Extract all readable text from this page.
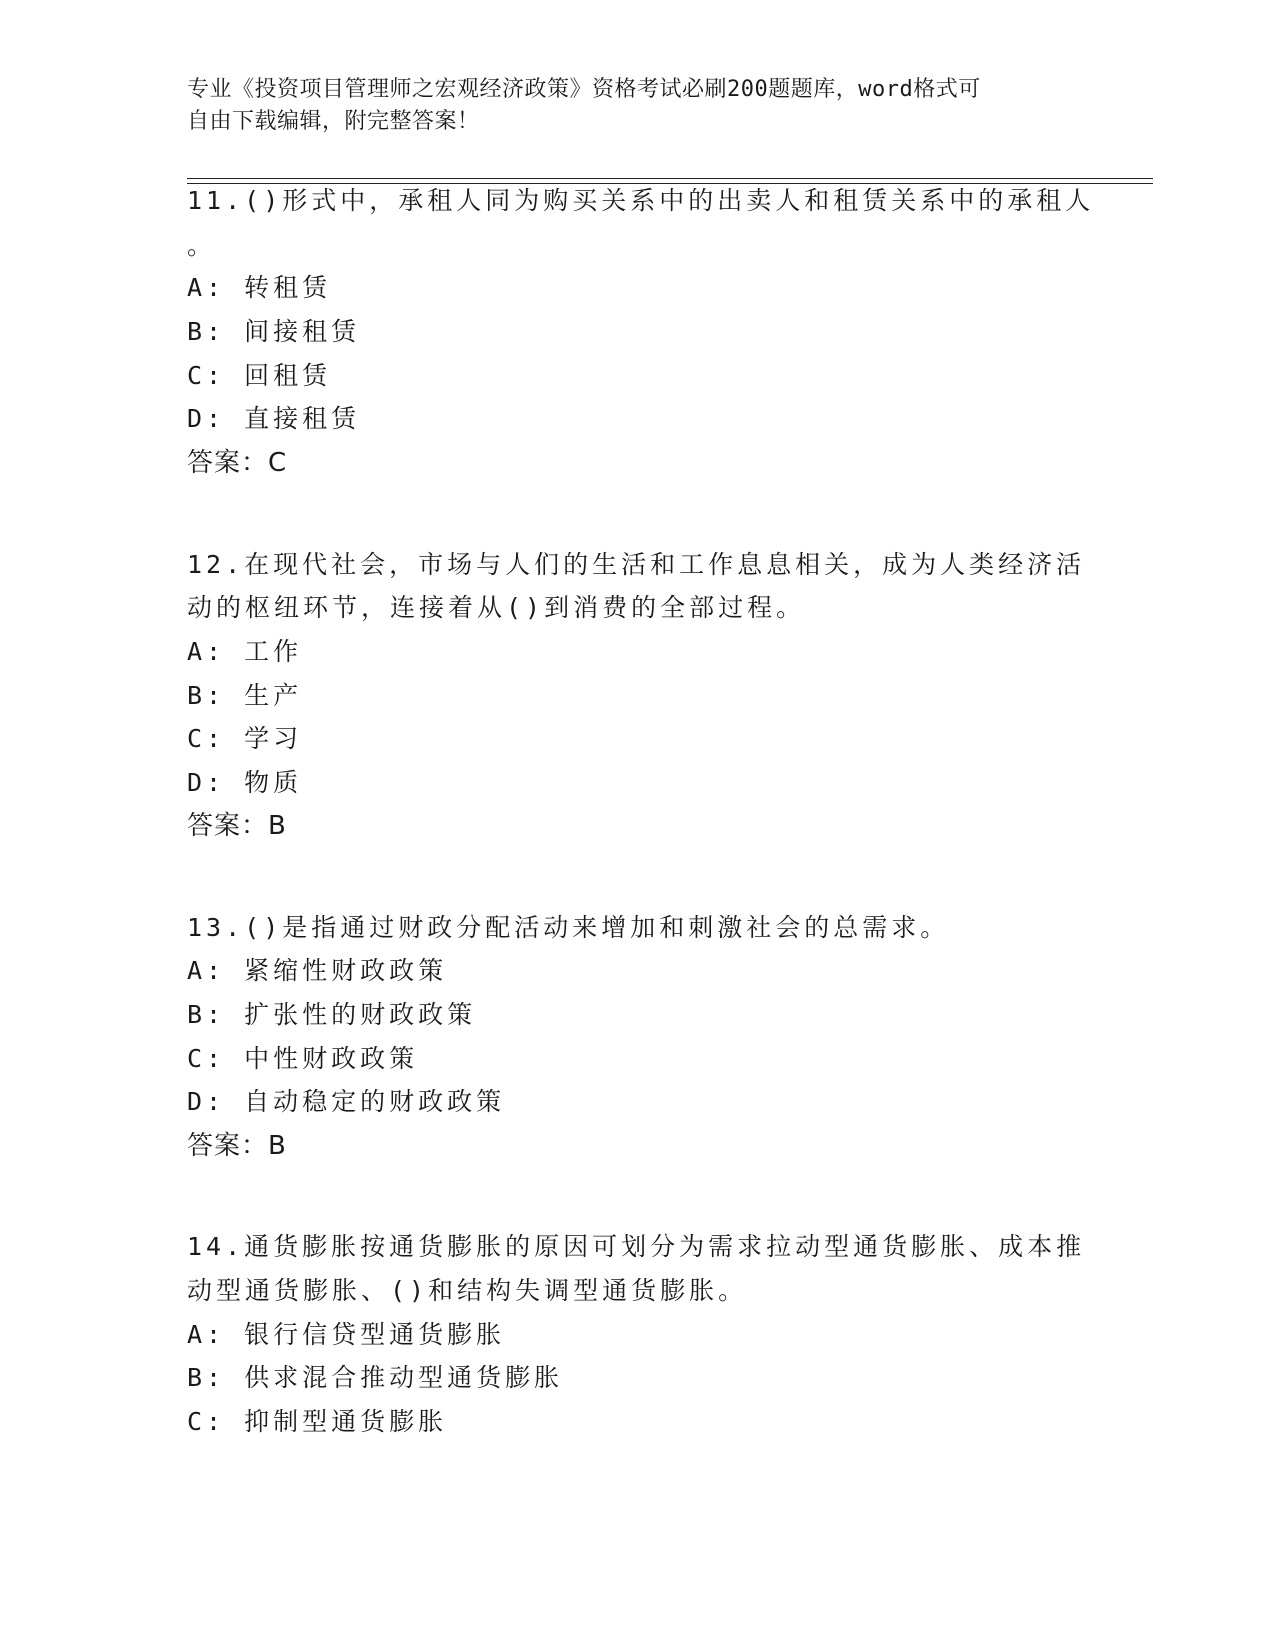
专业《投资项目管理师之宏观经济政策》资格考试必刷200题题库，word格式可
自由下载编辑，附完整答案！
11.()形式中，承租人同为购买关系中的出卖人和租赁关系中的承租人
。
A: 转租赁
B: 间接租赁
C: 回租赁
D: 直接租赁
答案：C
12.在现代社会，市场与人们的生活和工作息息相关，成为人类经济活
动的枢纽环节，连接着从()到消费的全部过程。
A: 工作
B: 生产
C: 学习
D: 物质
答案：B
13.()是指通过财政分配活动来增加和刺激社会的总需求。
A: 紧缩性财政政策
B: 扩张性的财政政策
C: 中性财政政策
D: 自动稳定的财政政策
答案：B
14.通货膨胀按通货膨胀的原因可划分为需求拉动型通货膨胀、成本推
动型通货膨胀、()和结构失调型通货膨胀。
A: 银行信贷型通货膨胀
B: 供求混合推动型通货膨胀
C: 抑制型通货膨胀
